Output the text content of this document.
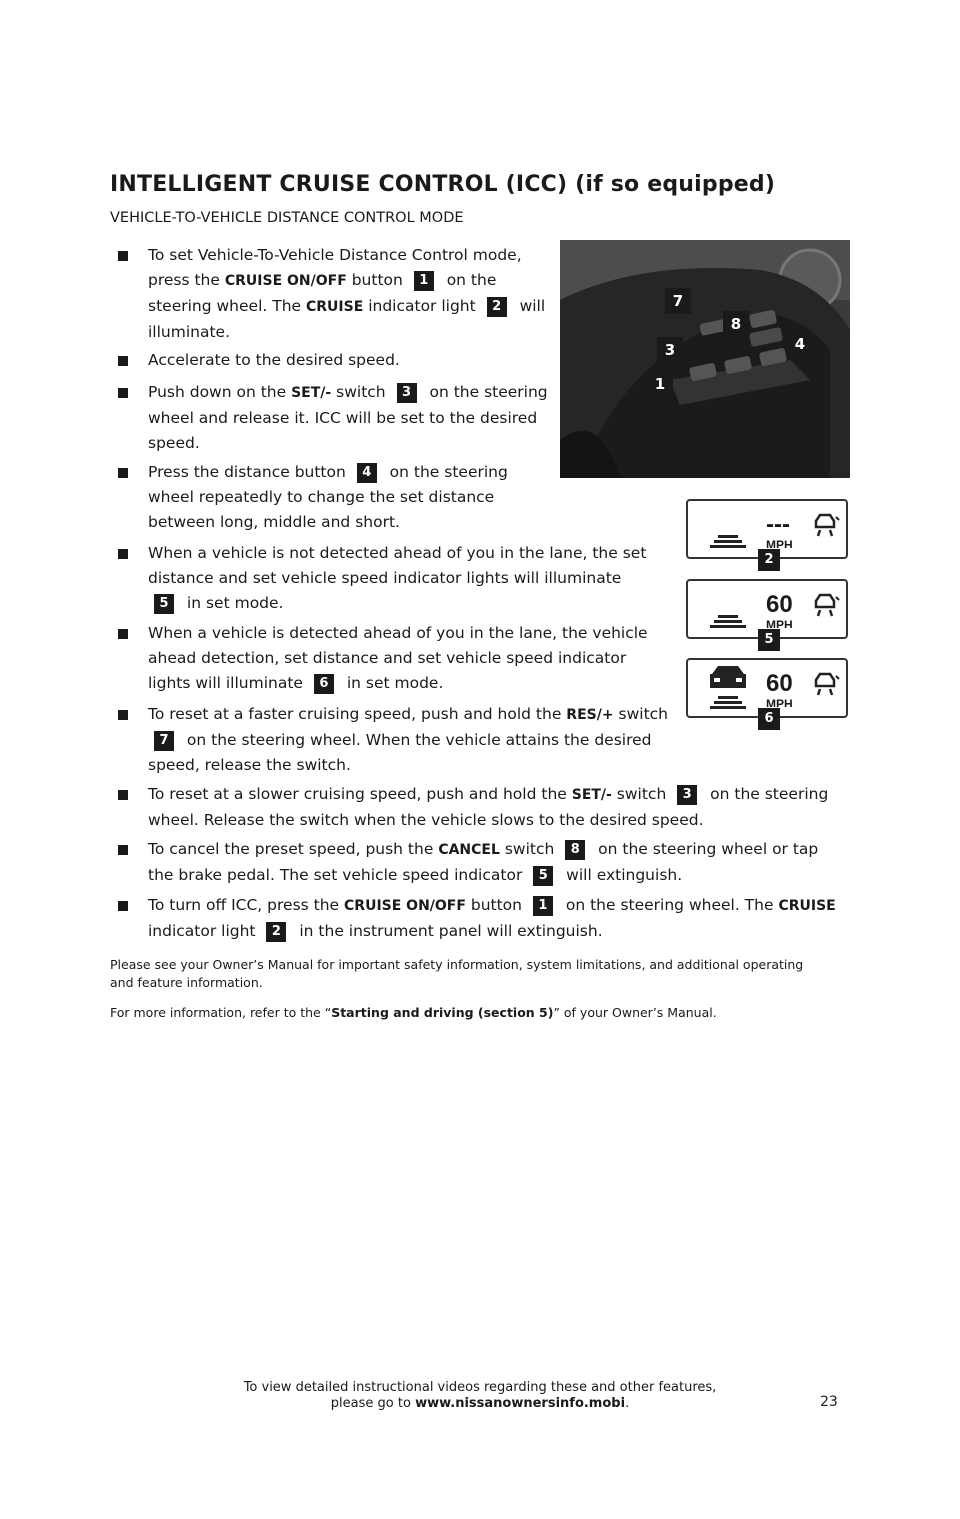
INTELLIGENT CRUISE CONTROL (ICC) (if so equipped)

VEHICLE-TO-VEHICLE DISTANCE CONTROL MODE

To set Vehicle-To-Vehicle Distance Control mode, press the CRUISE ON/OFF button 1 on the steering wheel. The CRUISE indicator light 2 will illuminate.
Accelerate to the desired speed.
Push down on the SET/- switch 3 on the steering wheel and release it. ICC will be set to the desired speed.
Press the distance button 4 on the steering wheel repeatedly to change the set distance between long, middle and short.
When a vehicle is not detected ahead of you in the lane, the set distance and set vehicle speed indicator lights will illuminate 5 in set mode.
When a vehicle is detected ahead of you in the lane, the vehicle ahead detection, set distance and set vehicle speed indicator lights will illuminate 6 in set mode.
To reset at a faster cruising speed, push and hold the RES/+ switch 7 on the steering wheel. When the vehicle attains the desired speed, release the switch.
To reset at a slower cruising speed, push and hold the SET/- switch 3 on the steering wheel. Release the switch when the vehicle slows to the desired speed.
To cancel the preset speed, push the CANCEL switch 8 on the steering wheel or tap the brake pedal. The set vehicle speed indicator 5 will extinguish.
To turn off ICC, press the CRUISE ON/OFF button 1 on the steering wheel. The CRUISE indicator light 2 in the instrument panel will extinguish.

Please see your Owner’s Manual for important safety information, system limitations, and additional operating and feature information.

For more information, refer to the “Starting and driving (section 5)” of your Owner’s Manual.

7
8
3	4
1
---
MPH
2
60
MPH
5
60
MPH
6

To view detailed instructional videos regarding these and other features,
please go to www.nissanownersinfo.mobi.	23
